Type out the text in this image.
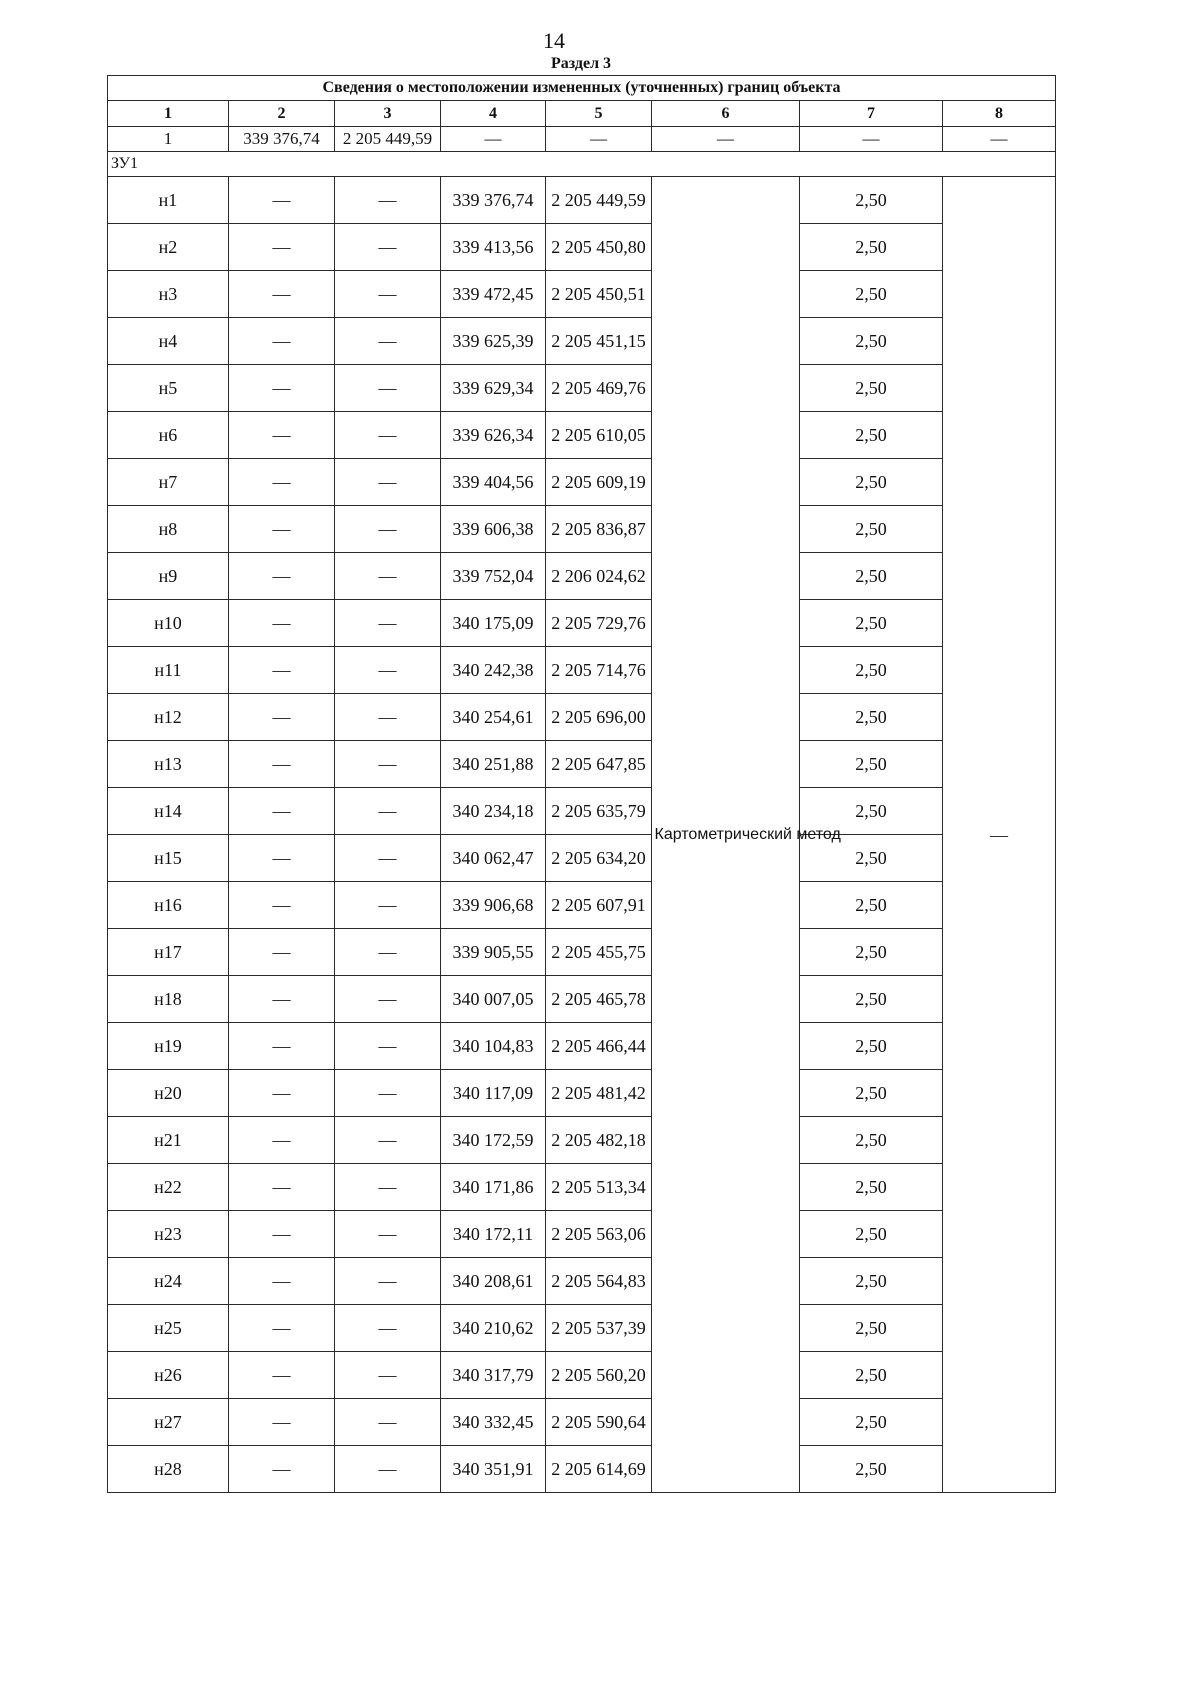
14
Раздел 3
Сведения о местоположении измененных (уточненных) границ объекта							
1	2	3	4	5	6	7	8
1	339 376,74	2 205 449,59	—	—	—	—	—
ЗУ1							
н1	—	—	339 376,74	2 205 449,59	Картометрический метод	2,50	—
н2	—	—	339 413,56	2 205 450,80		2,50	
н3	—	—	339 472,45	2 205 450,51		2,50	
н4	—	—	339 625,39	2 205 451,15		2,50	
н5	—	—	339 629,34	2 205 469,76		2,50	
н6	—	—	339 626,34	2 205 610,05		2,50	
н7	—	—	339 404,56	2 205 609,19		2,50	
н8	—	—	339 606,38	2 205 836,87		2,50	
н9	—	—	339 752,04	2 206 024,62		2,50	
н10	—	—	340 175,09	2 205 729,76		2,50	
н11	—	—	340 242,38	2 205 714,76		2,50	
н12	—	—	340 254,61	2 205 696,00		2,50	
н13	—	—	340 251,88	2 205 647,85		2,50	
н14	—	—	340 234,18	2 205 635,79		2,50	
н15	—	—	340 062,47	2 205 634,20		2,50	
н16	—	—	339 906,68	2 205 607,91		2,50	
н17	—	—	339 905,55	2 205 455,75		2,50	
н18	—	—	340 007,05	2 205 465,78		2,50	
н19	—	—	340 104,83	2 205 466,44		2,50	
н20	—	—	340 117,09	2 205 481,42		2,50	
н21	—	—	340 172,59	2 205 482,18		2,50	
н22	—	—	340 171,86	2 205 513,34		2,50	
н23	—	—	340 172,11	2 205 563,06		2,50	
н24	—	—	340 208,61	2 205 564,83		2,50	
н25	—	—	340 210,62	2 205 537,39		2,50	
н26	—	—	340 317,79	2 205 560,20		2,50	
н27	—	—	340 332,45	2 205 590,64		2,50	
н28	—	—	340 351,91	2 205 614,69		2,50	
